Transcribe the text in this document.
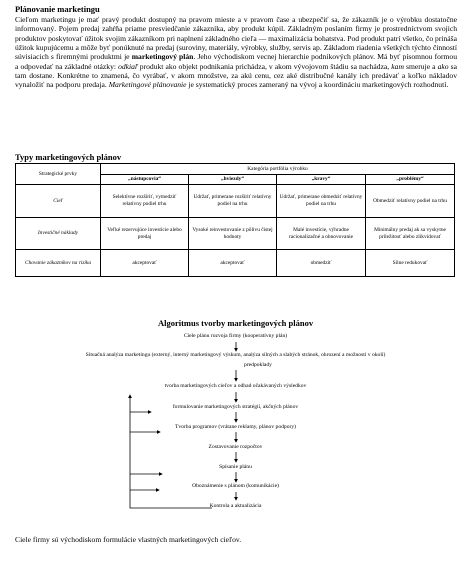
Plánovanie marketingu
Cieľom marketingu je mať pravý produkt dostupný na pravom mieste a v pravom čase a ubezpečiť sa, že zákazník je o výrobku dostatočne informovaný. Pojem predaj zahŕňa priame presviedčanie zákazníka, aby produkt kúpil. Základným poslaním firmy je prostredníctvom svojich produktov poskytovať úžitok svojim zákazníkom pri naplnení základného cieľa — maximalizácia bohatstva. Pod produkt patrí všetko, čo prináša úžitok kupujúcemu a môže byť ponúknuté na predaj (suroviny, materiály, výrobky, služby, servis ap. Základom riadenia všetkých týchto činností súvisiacich s firemnými produktmi je marketingový plán. Jeho východiskom vecnej hierarchie podnikových plánov. Má byť písomnou formou a odpovedať na základné otázky: odkiaľ produkt ako objekt podnikania prichádza, v akom vývojovom štádiu sa nachádza, kam smeruje a ako sa tam dostane. Konkrétne to znamená, čo vyrábať, v akom množstve, za akú cenu, cez aké distribučné kanály ich predávať a koľko nákladov vynaložiť na podporu predaja. Marketingové plánovanie je systematický proces zameraný na vývoj a koordináciu marketingových rozhodnutí.
Typy marketingových plánov
Strategické prvky	Kategória portfólia výrobku			
	„nástupcovia“	„hviezdy“	„kravy“	„problémy“
Cieľ	Selektívne rozšíriť, vymedziť relatívny podiel trhu	Udržať, primerane rozšíriť relatívny podiel na trhu	Udržať, primerane obmedziť relatívny podiel na trhu	Obmedziť relatívny podiel na trhu
Investičné náklady	Veľké rezervujúce investície alebo predaj	Vysoké reinvestovanie z pôlivu čistej hodnoty	Malé investície, výhradne racionalizačné a obnovovanie	Minimálny predaj ak sa vyskytne príležitosť alebo zlikvidovať
Chovanie zákazníkov na rizika	akceptovať	akceptovať	obmedziť	Silne redukovať
Algoritmus tvorby marketingových plánov
Ciele plánu rozvoja firmy (kooperatívny plán)
Situačná analýza marketingu (externý, interný marketingový výskum, analýza silných a slabých stránok, ohrození a možností v okolí)
predpoklady
tvorba marketingových cieľov a odhad očakávaných výsledkov
formulovanie marketingových stratégií, akčných plánov
Tvorba programov (vrátane reklamy, plánov podpory)
Zostavovanie rozpočtov
Spísanie plánu
Oboznámenie s plánom (komunikácie)
Kontrola a aktualizácia
Ciele firmy sú východiskom formulácie vlastných marketingových cieľov.
